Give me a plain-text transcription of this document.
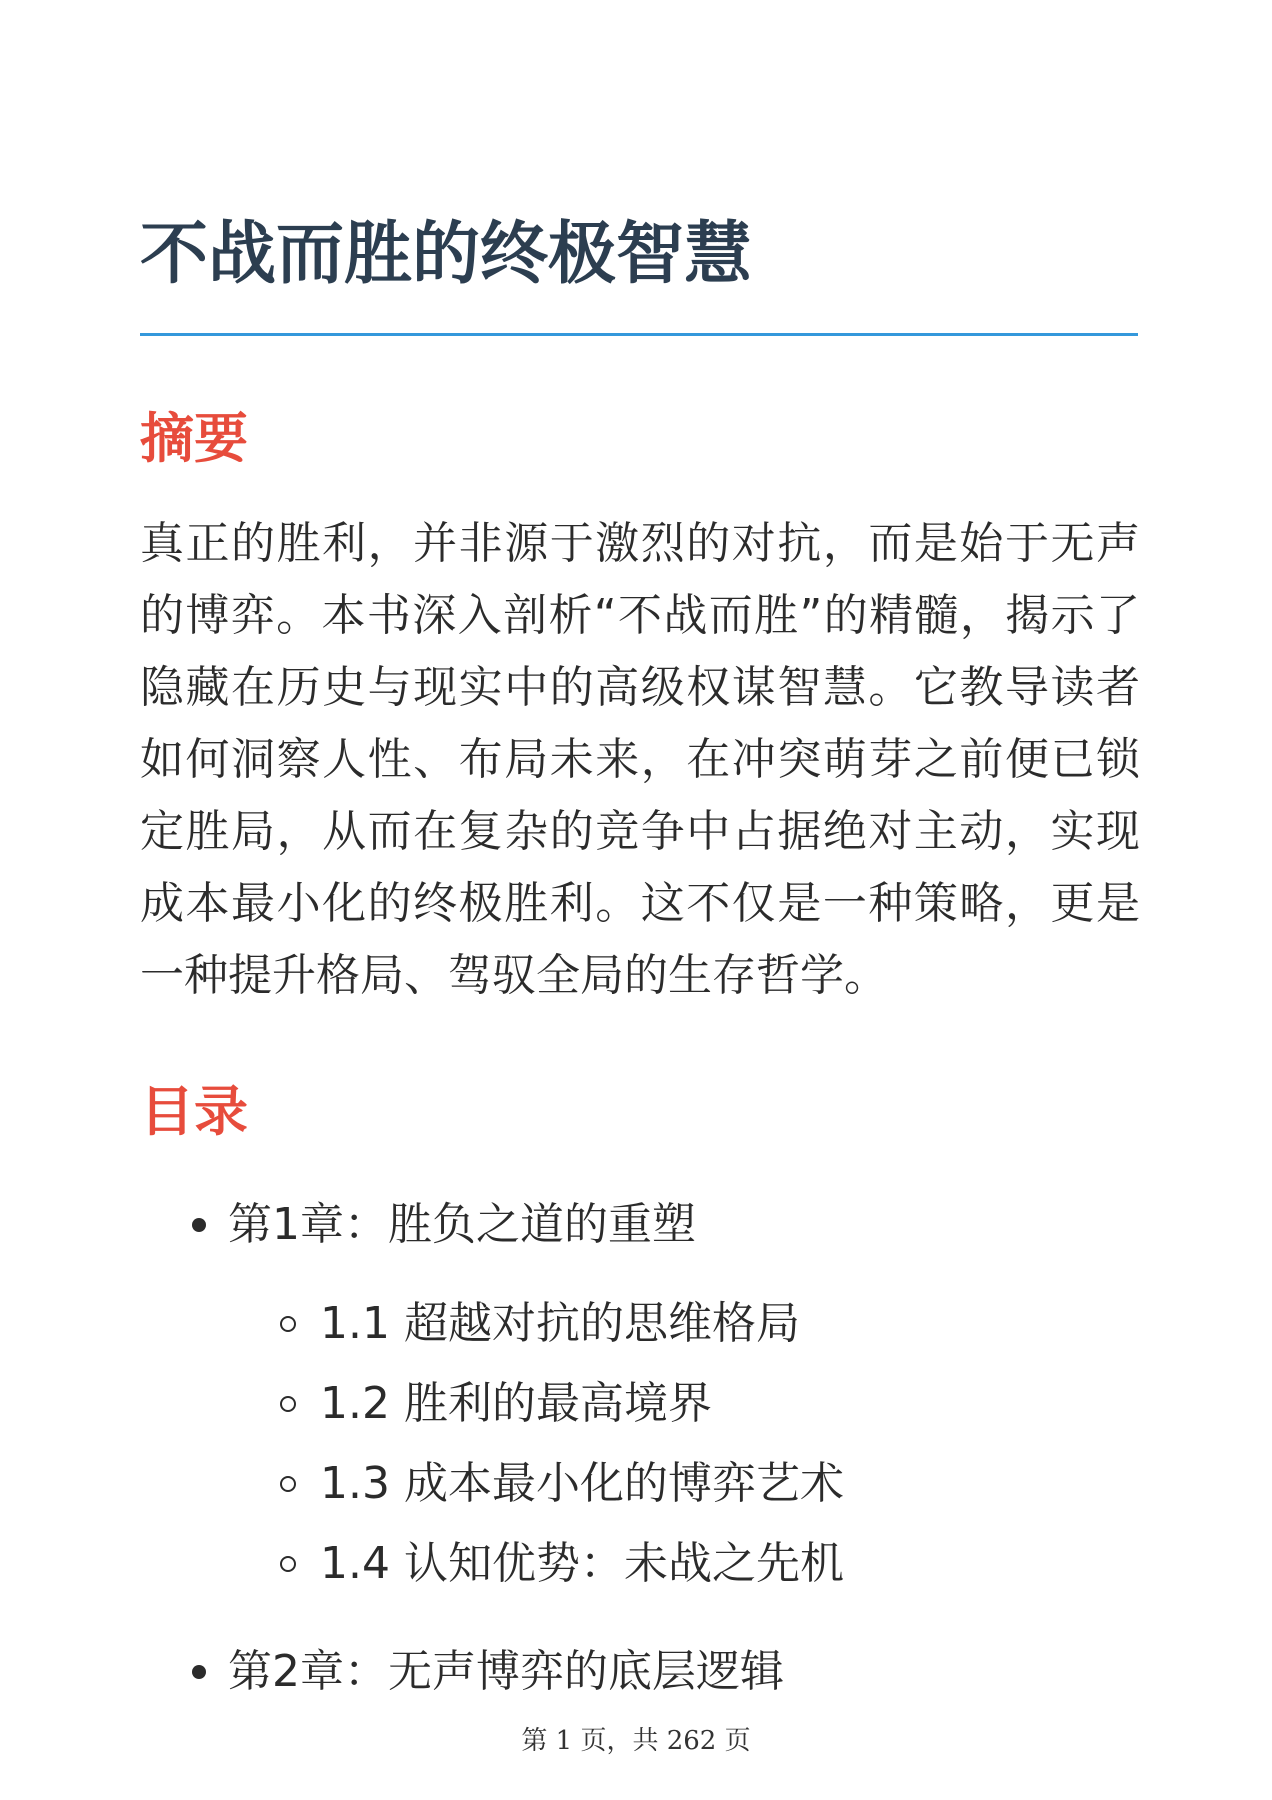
不战而胜的终极智慧
摘要

真正的胜利，并非源于激烈的对抗，而是始于无声的博弈。本书深入剖析“不战而胜”的精髓，揭示了隐藏在历史与现实中的高级权谋智慧。它教导读者如何洞察人性、布局未来，在冲突萌芽之前便已锁定胜局，从而在复杂的竞争中占据绝对主动，实现成本最小化的终极胜利。这不仅是一种策略，更是一种提升格局、驾驭全局的生存哲学。

目录
第1章：胜负之道的重塑
1.1 超越对抗的思维格局
1.2 胜利的最高境界
1.3 成本最小化的博弈艺术
1.4 认知优势：未战之先机
第2章：无声博弈的底层逻辑
第 1 页，共 262 页
